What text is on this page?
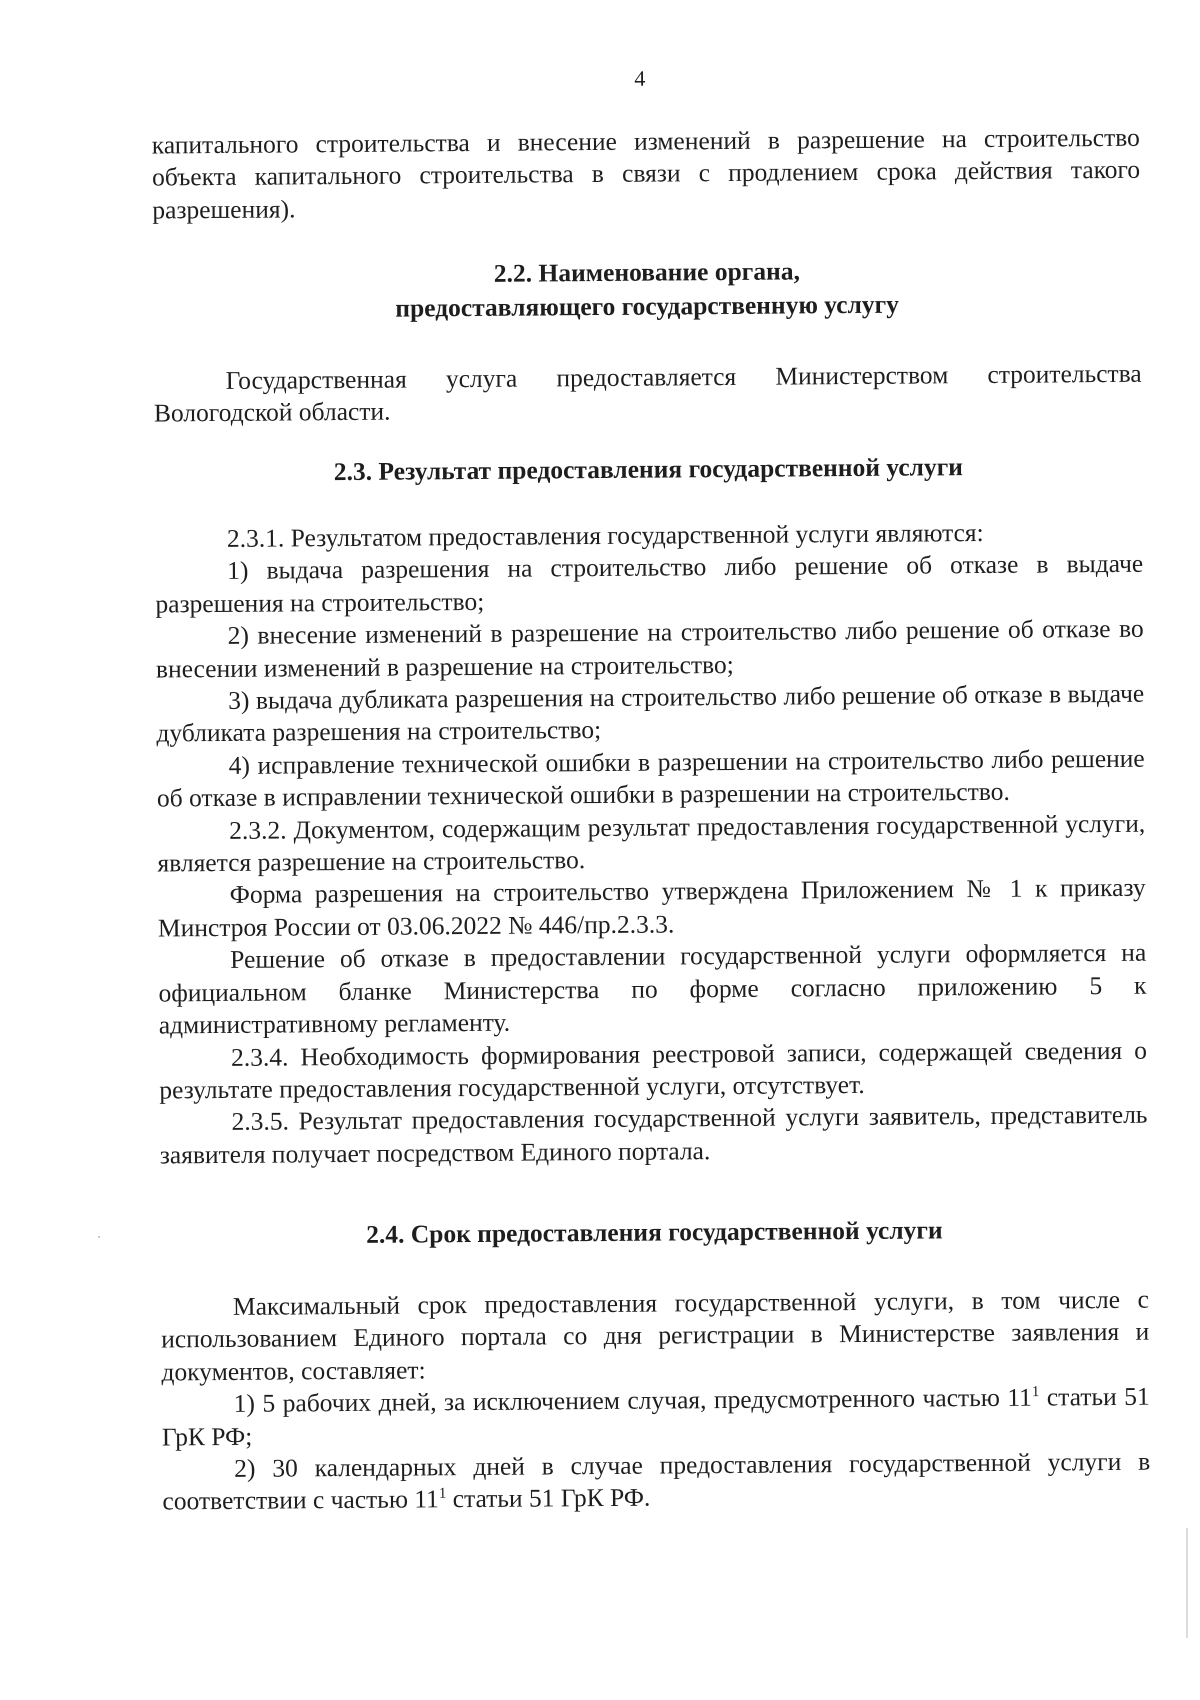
4

капитального строительства и внесение изменений в разрешение на строительство объекта капитального строительства в связи с продлением срока действия такого разрешения).

2.2. Наименование органа,
предоставляющего государственную услугу

Государственная услуга предоставляется Министерством строительства Вологодской области.

2.3. Результат предоставления государственной услуги

2.3.1. Результатом предоставления государственной услуги являются:

1) выдача разрешения на строительство либо решение об отказе в выдаче разрешения на строительство;

2) внесение изменений в разрешение на строительство либо решение об отказе во внесении изменений в разрешение на строительство;

3) выдача дубликата разрешения на строительство либо решение об отказе в выдаче дубликата разрешения на строительство;

4) исправление технической ошибки в разрешении на строительство либо решение об отказе в исправлении технической ошибки в разрешении на строительство.

2.3.2. Документом, содержащим результат предоставления государственной услуги, является разрешение на строительство.

Форма разрешения на строительство утверждена Приложением № 1 к приказу Минстроя России от 03.06.2022 № 446/пр.2.3.3.

Решение об отказе в предоставлении государственной услуги оформляется на официальном бланке Министерства по форме согласно приложению 5 к административному регламенту.

2.3.4. Необходимость формирования реестровой записи, содержащей сведения о результате предоставления государственной услуги, отсутствует.

2.3.5. Результат предоставления государственной услуги заявитель, представитель заявителя получает посредством Единого портала.

2.4. Срок предоставления государственной услуги

Максимальный срок предоставления государственной услуги, в том числе с использованием Единого портала со дня регистрации в Министерстве заявления и документов, составляет:

1) 5 рабочих дней, за исключением случая, предусмотренного частью $11^1$ статьи 51 ГрК РФ;

2) 30 календарных дней в случае предоставления государственной услуги в соответствии с частью $11^1$ статьи 51 ГрК РФ.
